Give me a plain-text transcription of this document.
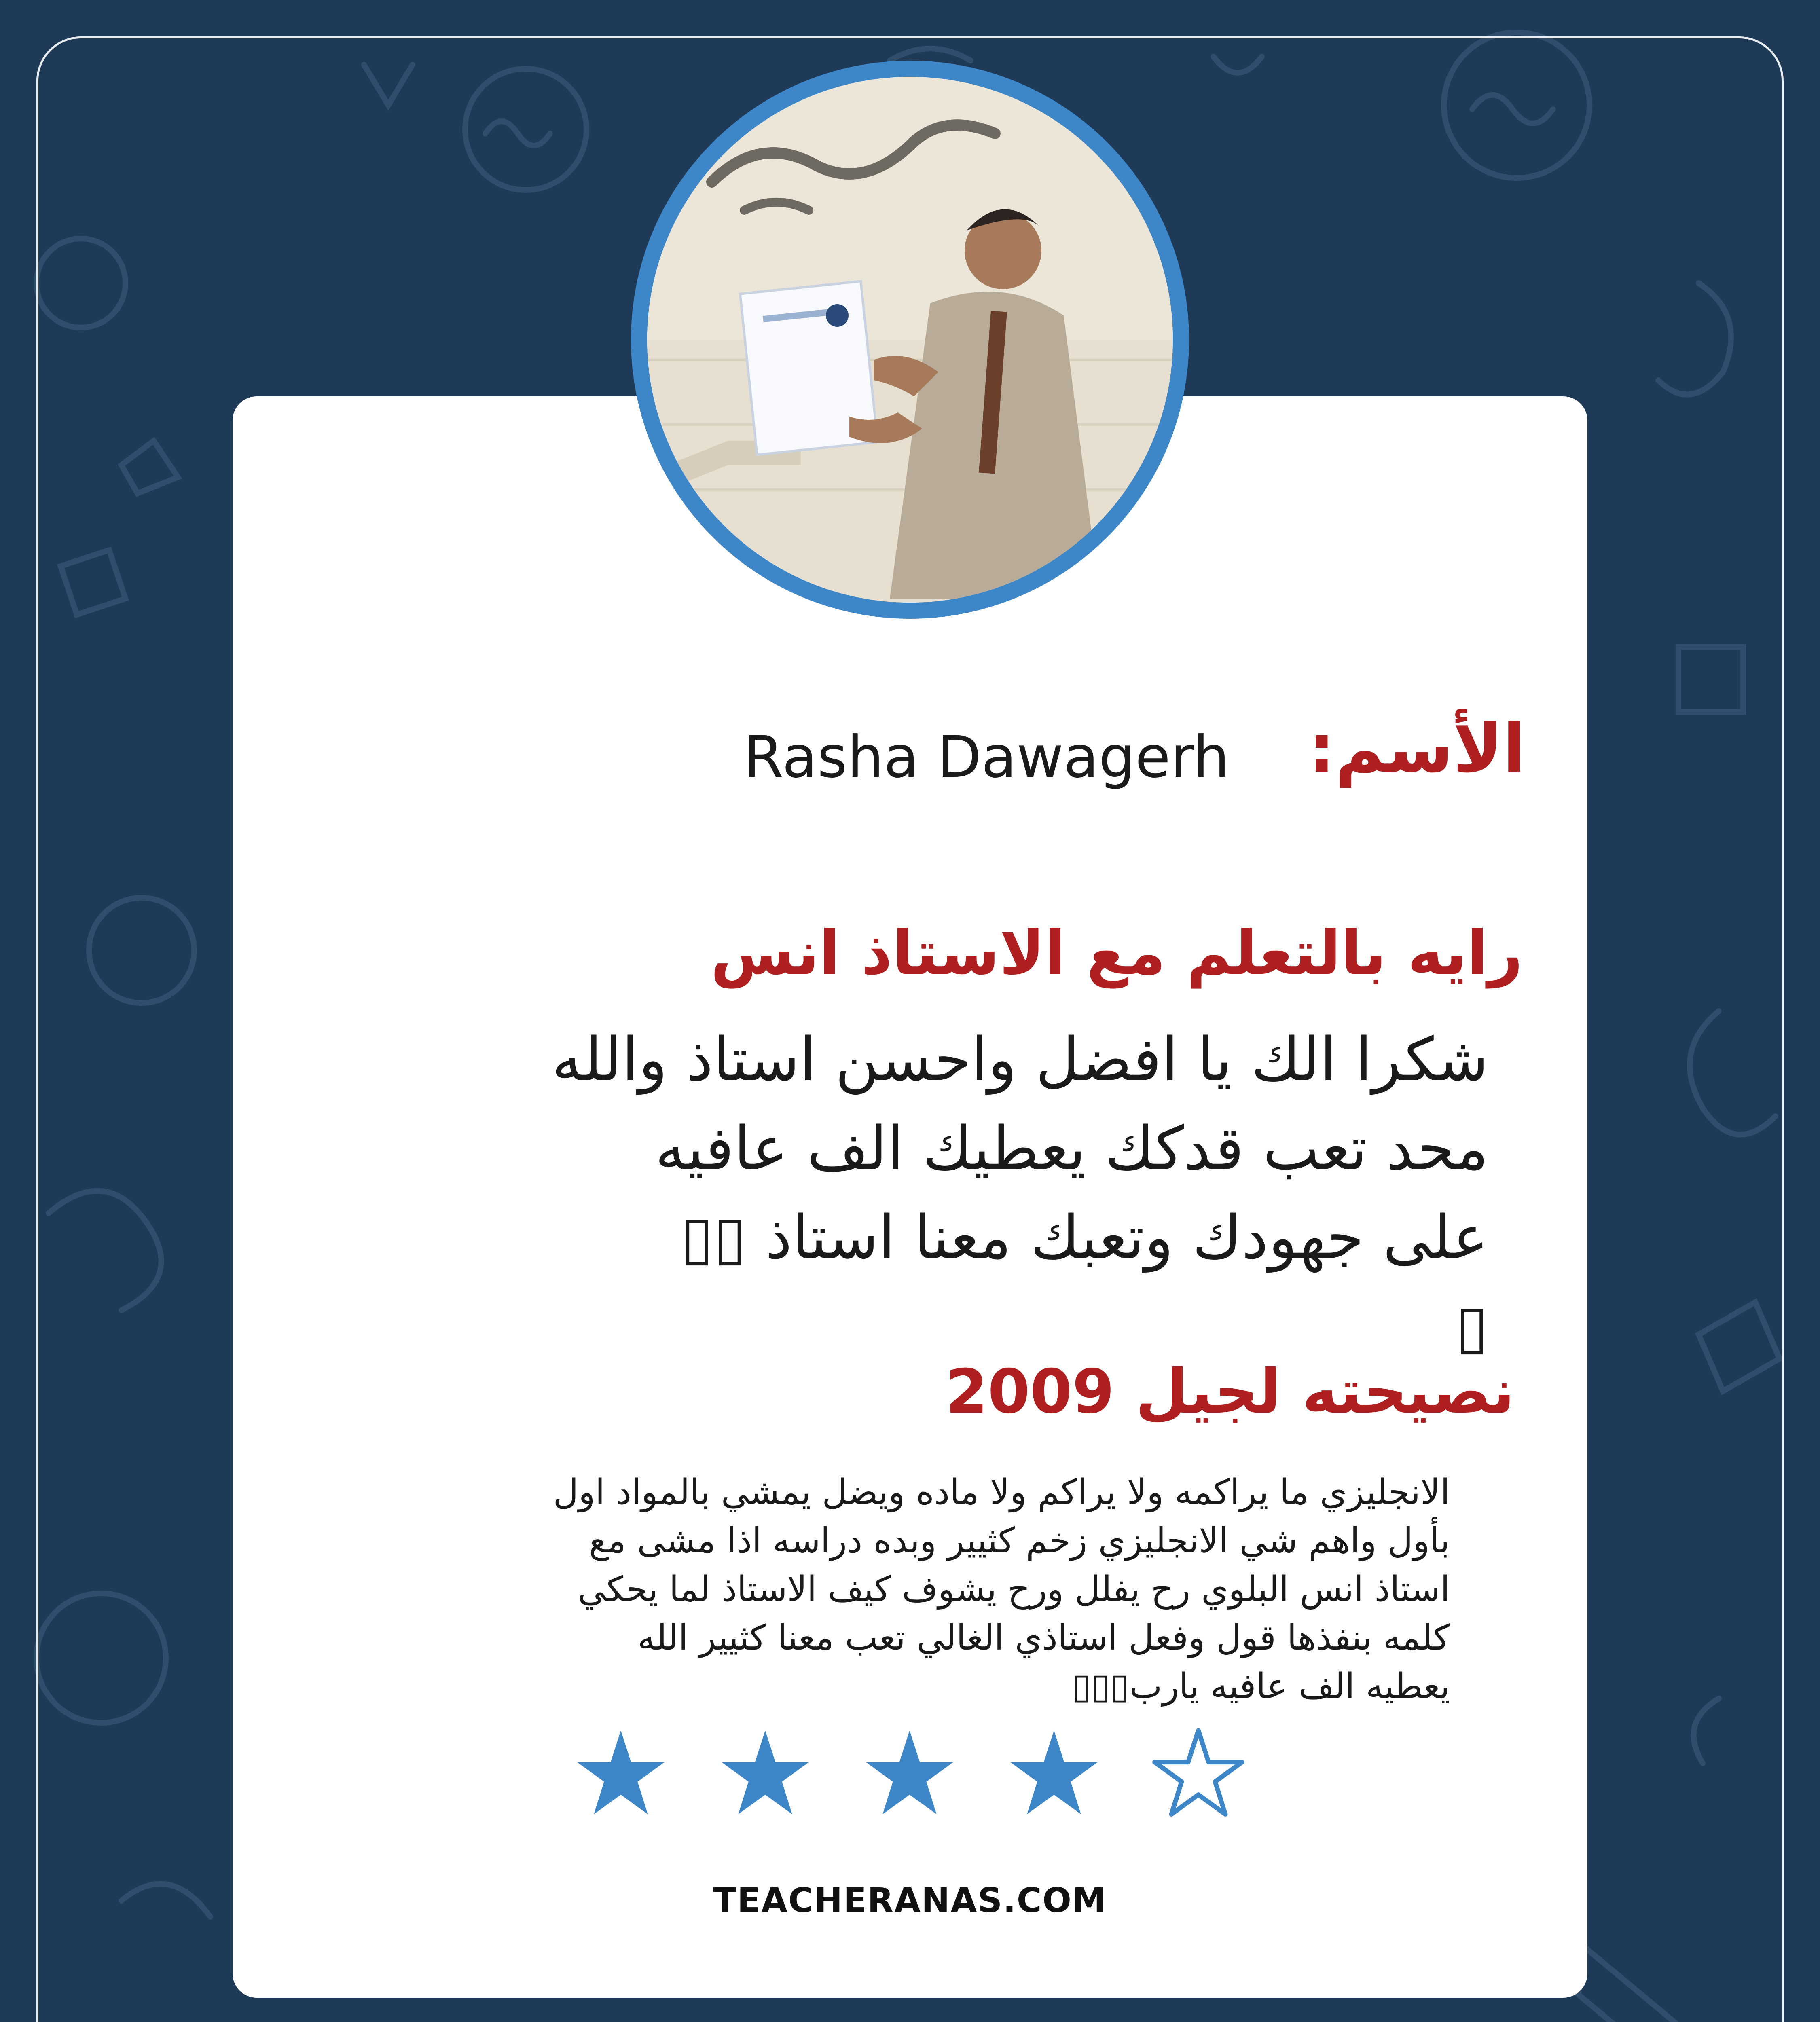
الأسم:
Rasha Dawagerh
رايه بالتعلم مع الاستاذ انس
شكرا الك يا افضل واحسن استاذ والله
محد تعب قدكك يعطيك الف عافيه
على جهودك وتعبك معنا استاذ ▯▯
▯
نصيحته لجيل 2009
الانجليزي ما يراكمه ولا يراكم ولا ماده ويضل يمشي بالمواد اول
بأول واهم شي الانجليزي زخم كثيير وبده دراسه اذا مشى مع
استاذ انس البلوي رح يفلل ورح يشوف كيف الاستاذ لما يحكي
كلمه بنفذها قول وفعل استاذي الغالي تعب معنا كثيير الله
يعطيه الف عافيه يارب▯▯▯
TEACHERANAS.COM
